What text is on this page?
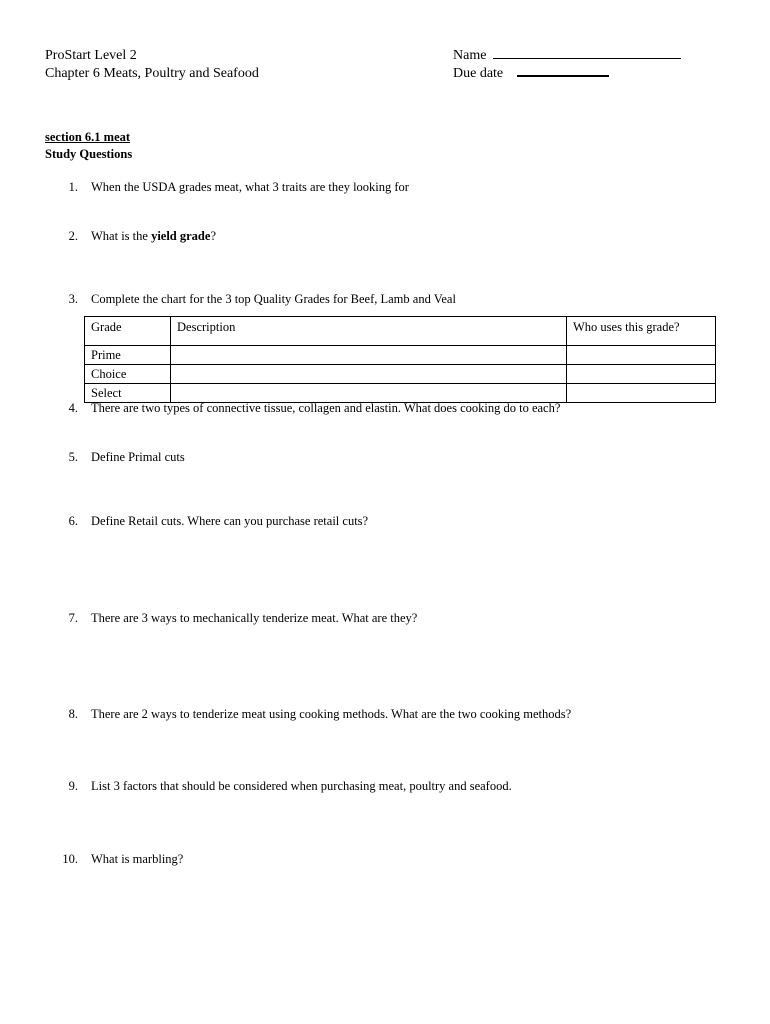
ProStart Level 2
Chapter 6 Meats, Poultry and Seafood
Name
Due date
section 6.1 meat
Study Questions
1. When the USDA grades meat, what 3 traits are they looking for
2. What is the yield grade?
3. Complete the chart for the 3 top Quality Grades for Beef, Lamb and Veal
Grade	Description	Who uses this grade?
Prime		
Choice		
Select		
4. There are two types of connective tissue, collagen and elastin. What does cooking do to each?
5. Define Primal cuts
6. Define Retail cuts. Where can you purchase retail cuts?
7. There are 3 ways to mechanically tenderize meat. What are they?
8. There are 2 ways to tenderize meat using cooking methods. What are the two cooking methods?
9. List 3 factors that should be considered when purchasing meat, poultry and seafood.
10. What is marbling?
